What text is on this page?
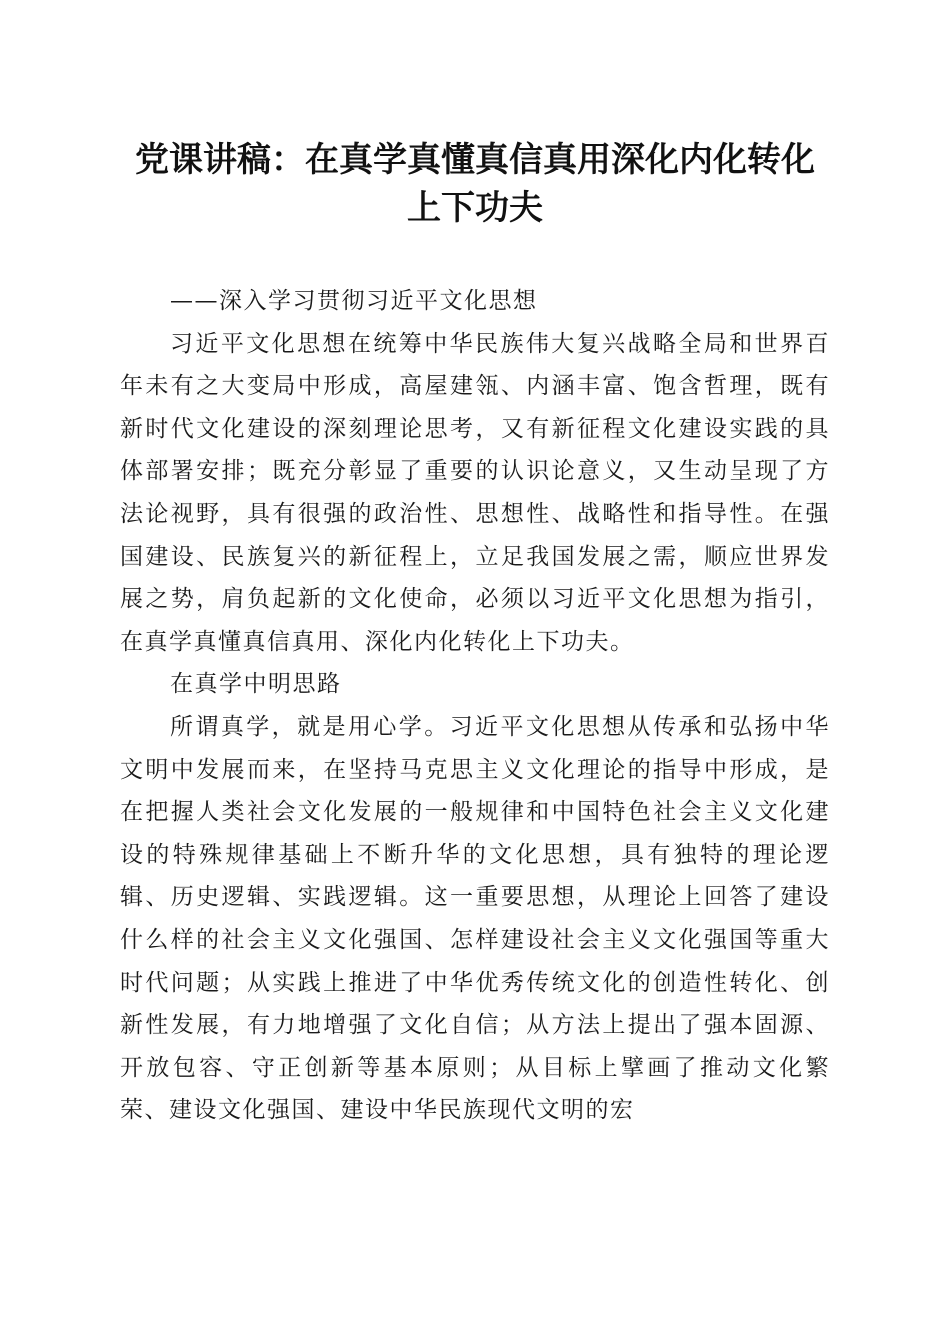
党课讲稿：在真学真懂真信真用深化内化转化
上下功夫

——深入学习贯彻习近平文化思想

习近平文化思想在统筹中华民族伟大复兴战略全局和世界百年未有之大变局中形成，高屋建瓴、内涵丰富、饱含哲理，既有新时代文化建设的深刻理论思考，又有新征程文化建设实践的具体部署安排；既充分彰显了重要的认识论意义，又生动呈现了方法论视野，具有很强的政治性、思想性、战略性和指导性。在强国建设、民族复兴的新征程上，立足我国发展之需，顺应世界发展之势，肩负起新的文化使命，必须以习近平文化思想为指引，在真学真懂真信真用、深化内化转化上下功夫。

在真学中明思路

所谓真学，就是用心学。习近平文化思想从传承和弘扬中华文明中发展而来，在坚持马克思主义文化理论的指导中形成，是在把握人类社会文化发展的一般规律和中国特色社会主义文化建设的特殊规律基础上不断升华的文化思想，具有独特的理论逻辑、历史逻辑、实践逻辑。这一重要思想，从理论上回答了建设什么样的社会主义文化强国、怎样建设社会主义文化强国等重大时代问题；从实践上推进了中华优秀传统文化的创造性转化、创新性发展，有力地增强了文化自信；从方法上提出了强本固源、开放包容、守正创新等基本原则；从目标上擘画了推动文化繁荣、建设文化强国、建设中华民族现代文明的宏
